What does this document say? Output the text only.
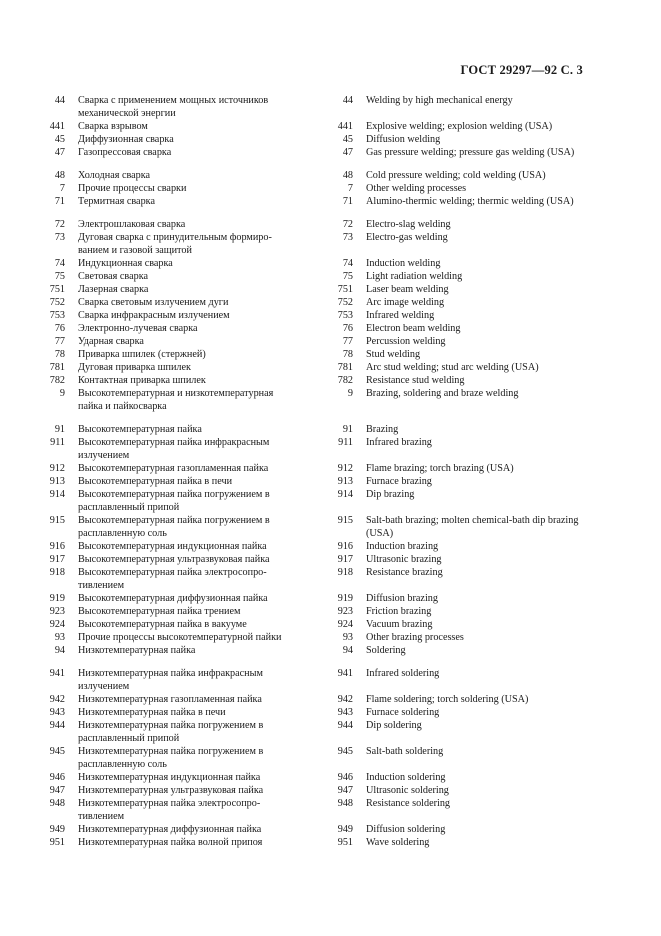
ГОСТ 29297—92 С. 3
44 Сварка с применением мощных источников механической энергии
441 Сварка взрывом
45 Диффузионная сварка
47 Газопрессовая сварка
48 Холодная сварка
7 Прочие процессы сварки
71 Термитная сварка
72 Электрошлаковая сварка
73 Дуговая сварка с принудительным формиро-ванием и газовой защитой
74 Индукционная сварка
75 Световая сварка
751 Лазерная сварка
752 Сварка световым излучением дуги
753 Сварка инфракрасным излучением
76 Электронно-лучевая сварка
77 Ударная сварка
78 Приварка шпилек (стержней)
781 Дуговая приварка шпилек
782 Контактная приварка шпилек
9 Высокотемпературная и низкотемпературная пайка и пайкосварка
91 Высокотемпературная пайка
911 Высокотемпературная пайка инфракрасным излучением
912 Высокотемпературная газопламенная пайка
913 Высокотемпературная пайка в печи
914 Высокотемпературная пайка погружением в расплавленный припой
915 Высокотемпературная пайка погружением в расплавленную соль
916 Высокотемпературная индукционная пайка
917 Высокотемпературная ультразвуковая пайка
918 Высокотемпературная пайка электросопро-тивлением
919 Высокотемпературная диффузионная пайка
923 Высокотемпературная пайка трением
924 Высокотемпературная пайка в вакууме
93 Прочие процессы высокотемпературной пайки
94 Низкотемпературная пайка
941 Низкотемпературная пайка инфракрасным излучением
942 Низкотемпературная газопламенная пайка
943 Низкотемпературная пайка в печи
944 Низкотемпературная пайка погружением в расплавленный припой
945 Низкотемпературная пайка погружением в расплавленную соль
946 Низкотемпературная индукционная пайка
947 Низкотемпературная ультразвуковая пайка
948 Низкотемпературная пайка электросопро-тивлением
949 Низкотемпературная диффузионная пайка
951 Низкотемпературная пайка волной припоя
44 Welding by high mechanical energy
441 Explosive welding; explosion welding (USA)
45 Diffusion welding
47 Gas pressure welding; pressure gas welding (USA)
48 Cold pressure welding; cold welding (USA)
7 Other welding processes
71 Alumino-thermic welding; thermic welding (USA)
72 Electro-slag welding
73 Electro-gas welding
74 Induction welding
75 Light radiation welding
751 Laser beam welding
752 Arc image welding
753 Infrared welding
76 Electron beam welding
77 Percussion welding
78 Stud welding
781 Arc stud welding; stud arc welding (USA)
782 Resistance stud welding
9 Brazing, soldering and braze welding
91 Brazing
911 Infrared brazing
912 Flame brazing; torch brazing (USA)
913 Furnace brazing
914 Dip brazing
915 Salt-bath brazing; molten chemical-bath dip brazing (USA)
916 Induction brazing
917 Ultrasonic brazing
918 Resistance brazing
919 Diffusion brazing
923 Friction brazing
924 Vacuum brazing
93 Other brazing processes
94 Soldering
941 Infrared soldering
942 Flame soldering; torch soldering (USA)
943 Furnace soldering
944 Dip soldering
945 Salt-bath soldering
946 Induction soldering
947 Ultrasonic soldering
948 Resistance soldering
949 Diffusion soldering
951 Wave soldering
